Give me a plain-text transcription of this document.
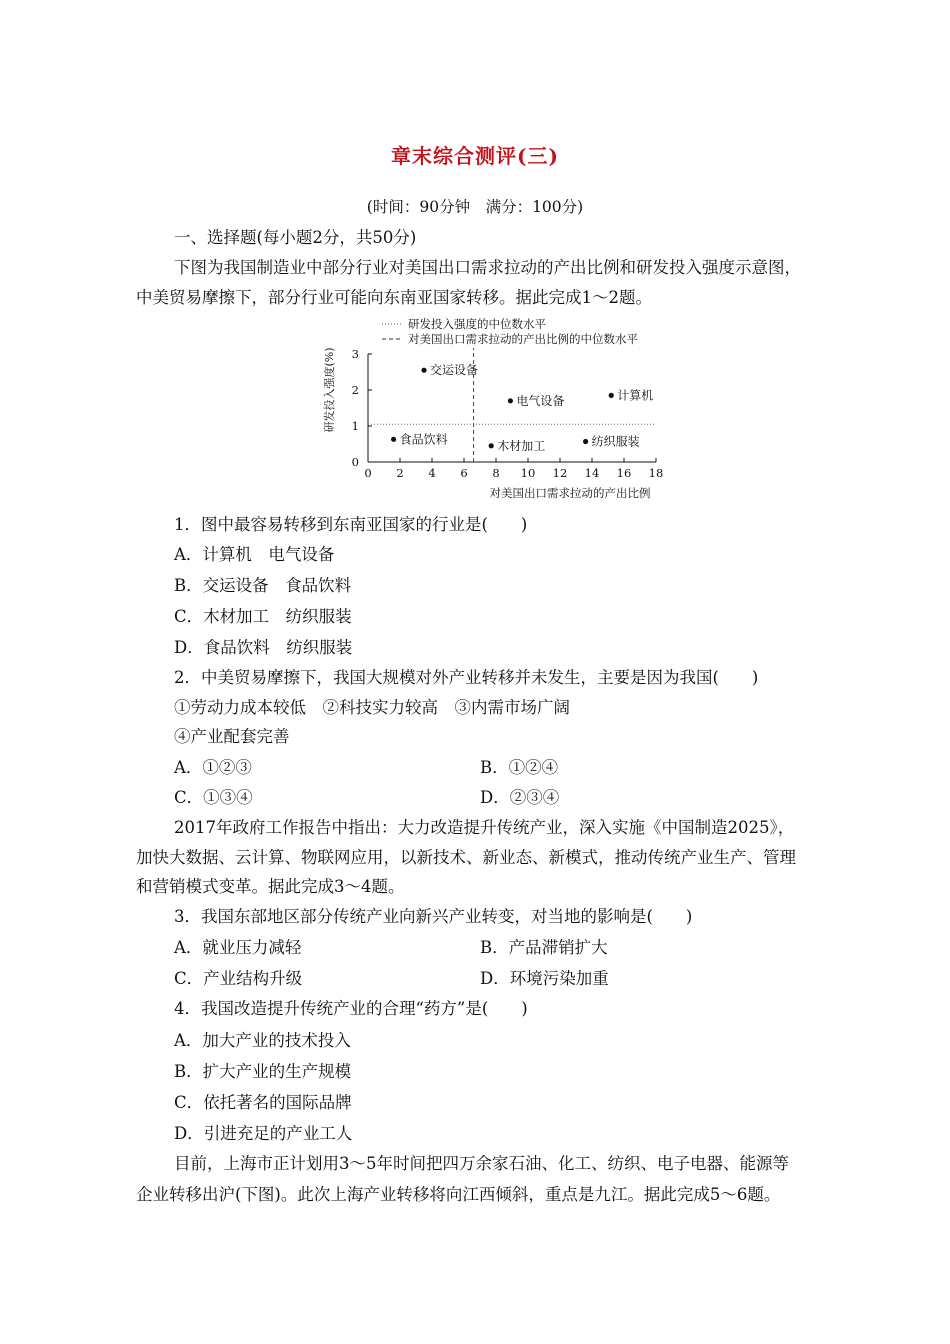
章末综合测评(三)
(时间：90分钟　满分：100分)
一、选择题(每小题2分，共50分)
下图为我国制造业中部分行业对美国出口需求拉动的产出比例和研发投入强度示意图，
中美贸易摩擦下，部分行业可能向东南亚国家转移。据此完成1～2题。
研发投入强度的中位数水平
对美国出口需求拉动的产出比例的中位数水平
研发投入强度(%)
对美国出口需求拉动的产出比例
0 2 4 6 8 10 12 14 16 18
0
1
2
3
交运设备
电气设备	计算机
食品饮料	木材加工	纺织服装
1．图中最容易转移到东南亚国家的行业是(　　)
A．计算机　电气设备
B．交运设备　食品饮料
C．木材加工　纺织服装
D．食品饮料　纺织服装
2．中美贸易摩擦下，我国大规模对外产业转移并未发生，主要是因为我国(　　)
①劳动力成本较低　②科技实力较高　③内需市场广阔
④产业配套完善
A．①②③	B．①②④
C．①③④	D．②③④
2017年政府工作报告中指出：大力改造提升传统产业，深入实施《中国制造2025》，
加快大数据、云计算、物联网应用，以新技术、新业态、新模式，推动传统产业生产、管理
和营销模式变革。据此完成3～4题。
3．我国东部地区部分传统产业向新兴产业转变，对当地的影响是(　　)
A．就业压力减轻	B．产品滞销扩大
C．产业结构升级	D．环境污染加重
4．我国改造提升传统产业的合理“药方”是(　　)
A．加大产业的技术投入
B．扩大产业的生产规模
C．依托著名的国际品牌
D．引进充足的产业工人
目前，上海市正计划用3～5年时间把四万余家石油、化工、纺织、电子电器、能源等
企业转移出沪(下图)。此次上海产业转移将向江西倾斜，重点是九江。据此完成5～6题。
